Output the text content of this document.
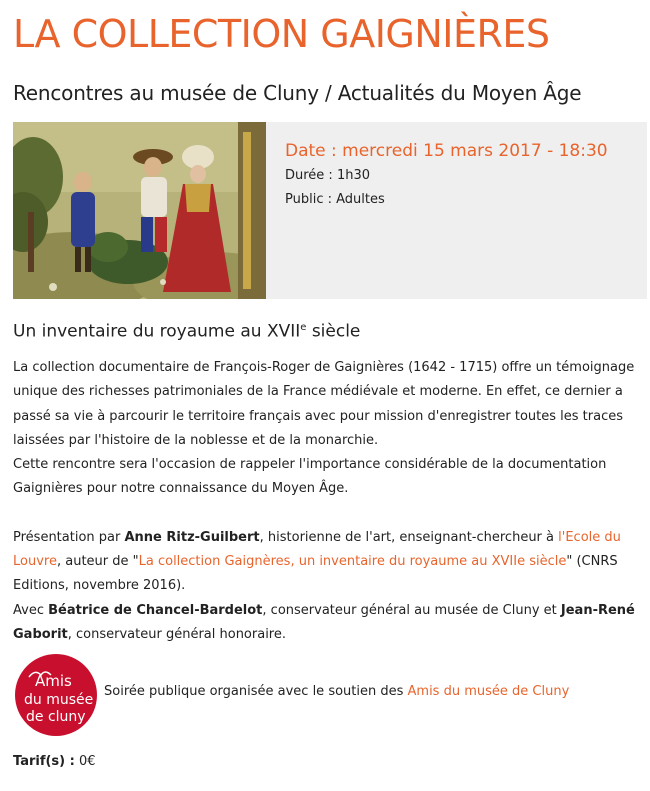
LA COLLECTION GAIGNIÈRES
Rencontres au musée de Cluny / Actualités du Moyen Âge
Date : mercredi 15 mars 2017 - 18:30
Durée : 1h30
Public : Adultes
Un inventaire du royaume au XVIIe siècle

La collection documentaire de François-Roger de Gaignières (1642 - 1715) offre un témoignage unique des richesses patrimoniales de la France médiévale et moderne. En effet, ce dernier a passé sa vie à parcourir le territoire français avec pour mission d'enregistrer toutes les traces laissées par l'histoire de la noblesse et de la monarchie.

Cette rencontre sera l'occasion de rappeler l'importance considérable de la documentation Gaignières pour notre connaissance du Moyen Âge.

Présentation par Anne Ritz-Guilbert, historienne de l'art, enseignant-chercheur à l'Ecole du Louvre, auteur de "La collection Gaignères, un inventaire du royaume au XVIIe siècle" (CNRS Editions, novembre 2016).

Avec Béatrice de Chancel-Bardelot, conservateur général au musée de Cluny et Jean-René Gaborit, conservateur général honoraire.

Amis
du musée
de cluny
Soirée publique organisée avec le soutien des Amis du musée de Cluny
Tarif(s) : 0€
